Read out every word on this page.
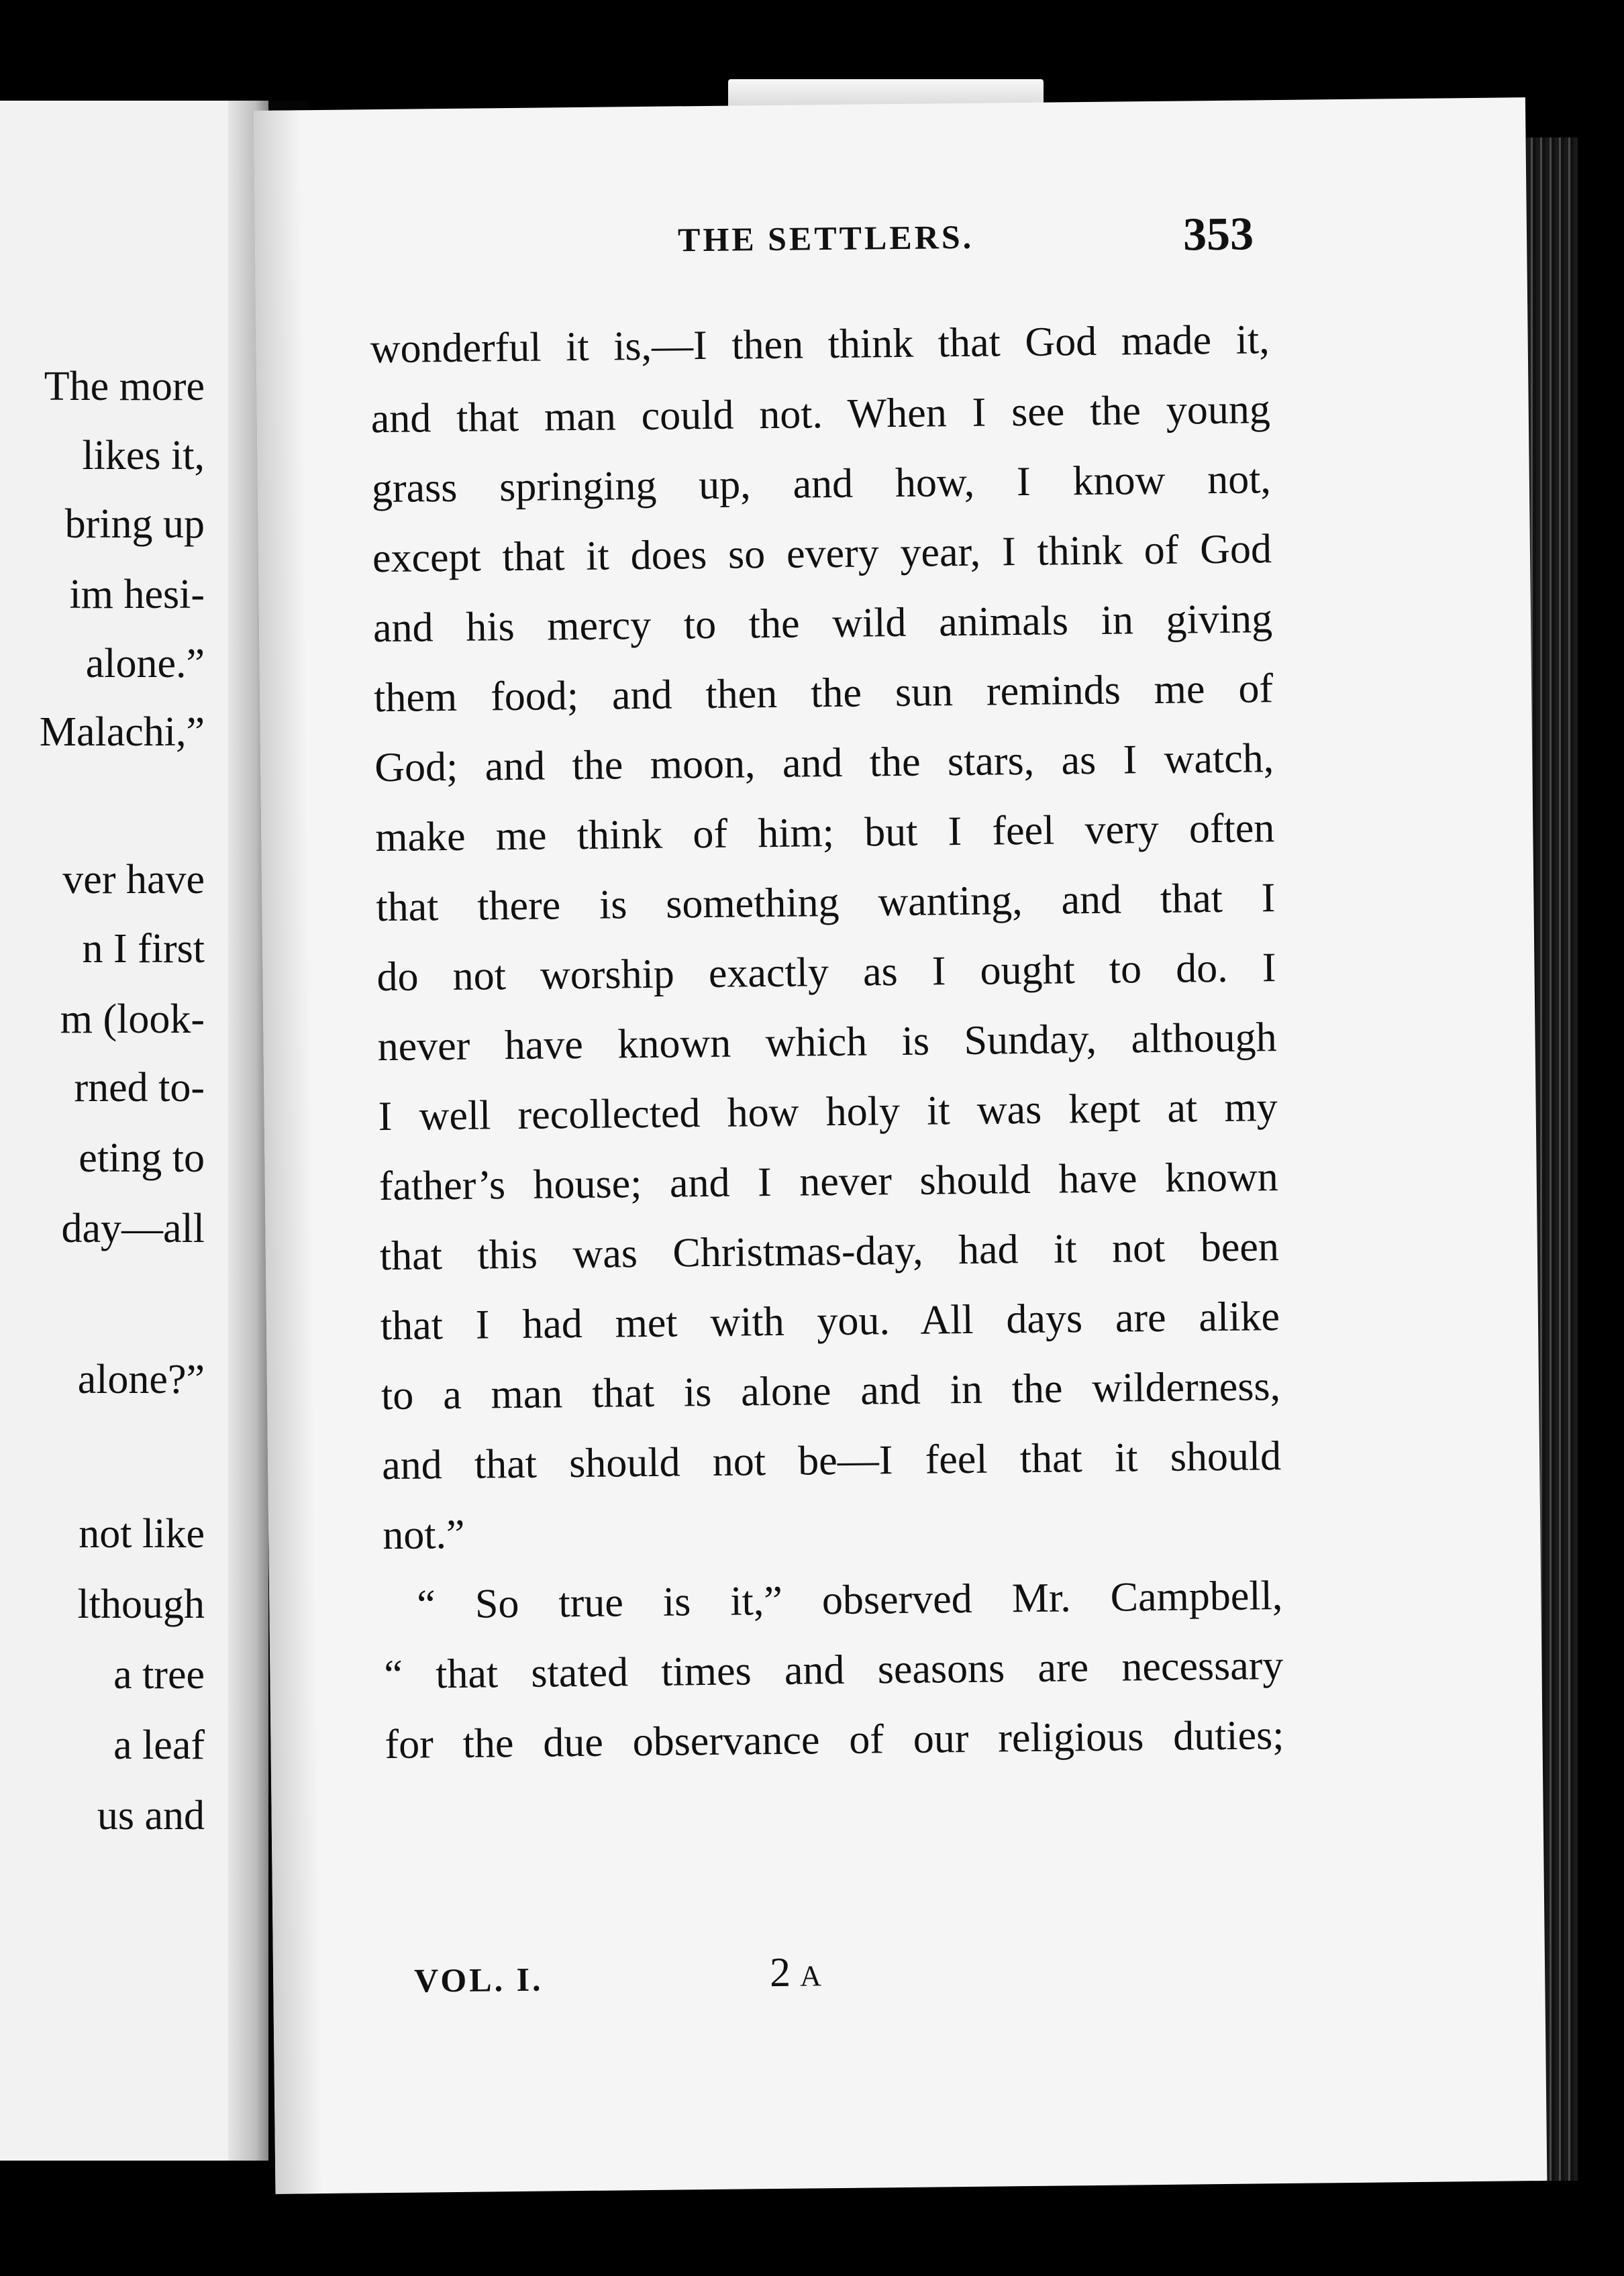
The more
likes it,
bring up
im hesi-
alone.”
Malachi,”
ver have
n I first
m (look-
rned to-
eting to
day—all
alone?”
not like
lthough
a tree
a leaf
us and
THE SETTLERS.	353
wonderful it is,—I then think that God made it,
and that man could not. When I see the young
grass springing up, and how, I know not,
except that it does so every year, I think of God
and his mercy to the wild animals in giving
them food; and then the sun reminds me of
God; and the moon, and the stars, as I watch,
make me think of him; but I feel very often
that there is something wanting, and that I
do not worship exactly as I ought to do. I
never have known which is Sunday, although
I well recollected how holy it was kept at my
father’s house; and I never should have known
that this was Christmas-day, had it not been
that I had met with you. All days are alike
to a man that is alone and in the wilderness,
and that should not be—I feel that it should
not.”
“ So true is it,” observed Mr. Campbell,
“ that stated times and seasons are necessary
for the due observance of our religious duties;
VOL. I.	2 A
